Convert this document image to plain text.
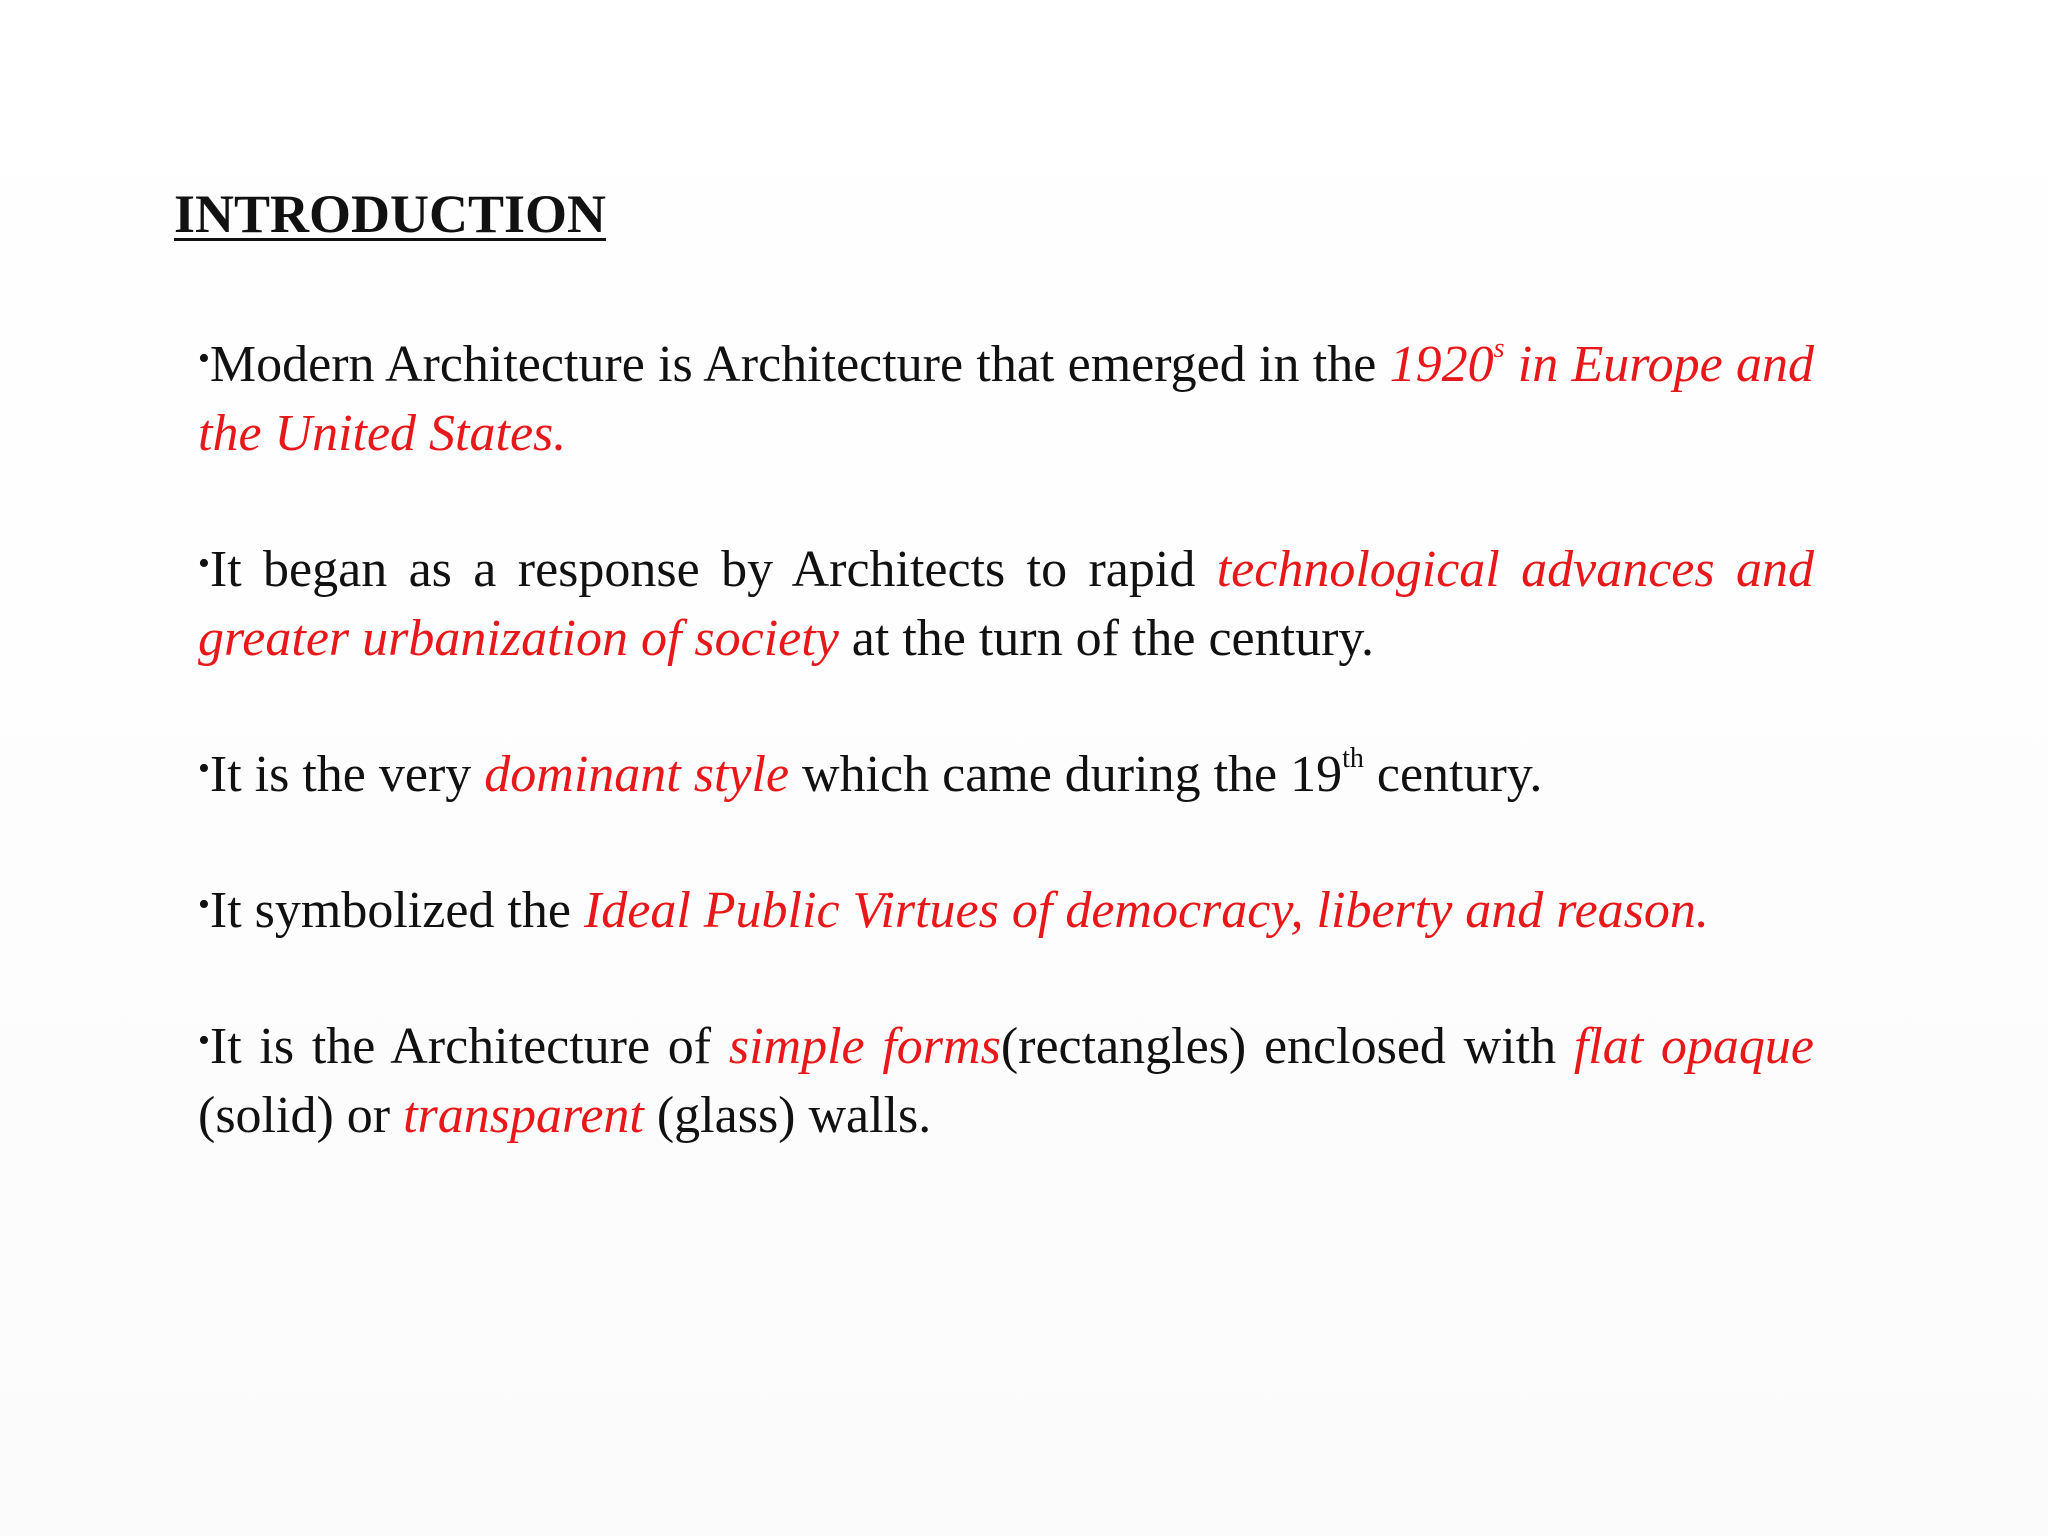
INTRODUCTION
•Modern Architecture is Architecture that emerged in the 1920$^s$ in Europe and the United States.
•It began as a response by Architects to rapid technological advances and greater urbanization of society at the turn of the century.
•It is the very dominant style which came during the 19th century.
•It symbolized the Ideal Public Virtues of democracy, liberty and reason.
•It is the Architecture of simple forms(rectangles) enclosed with flat opaque (solid) or transparent (glass) walls.
